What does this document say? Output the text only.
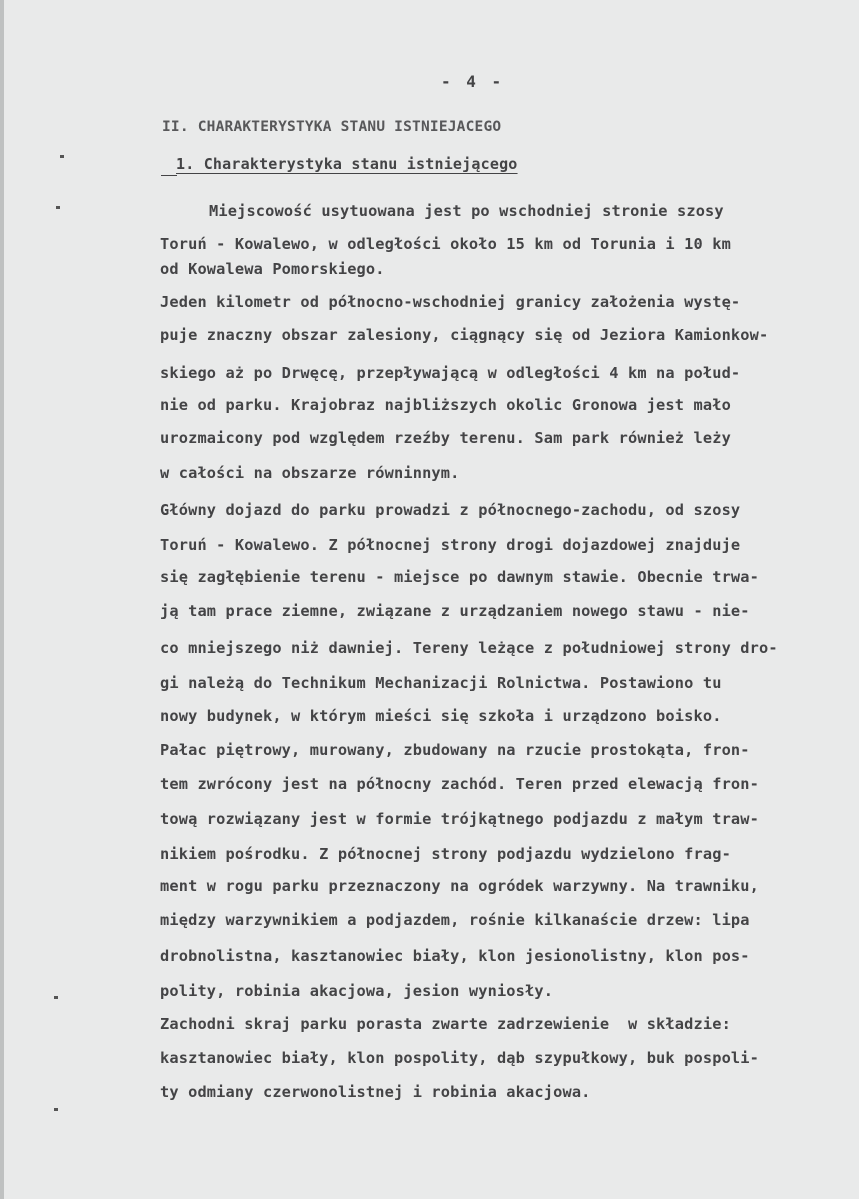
- 4 -
II. CHARAKTERYSTYKA STANU ISTNIEJACEGO
1. Charakterystyka stanu istniejącego
Miejscowość usytuowana jest po wschodniej stronie szosy
Toruń - Kowalewo, w odległości około 15 km od Torunia i 10 km
od Kowalewa Pomorskiego.
Jeden kilometr od północno-wschodniej granicy założenia wystę-
puje znaczny obszar zalesiony, ciągnący się od Jeziora Kamionkow-
skiego aż po Drwęcę, przepływającą w odległości 4 km na połud-
nie od parku. Krajobraz najbliższych okolic Gronowa jest mało
urozmaicony pod względem rzeźby terenu. Sam park również leży
w całości na obszarze równinnym.
Główny dojazd do parku prowadzi z północnego-zachodu, od szosy
Toruń - Kowalewo. Z północnej strony drogi dojazdowej znajduje
się zagłębienie terenu - miejsce po dawnym stawie. Obecnie trwa-
ją tam prace ziemne, związane z urządzaniem nowego stawu - nie-
co mniejszego niż dawniej. Tereny leżące z południowej strony dro-
gi należą do Technikum Mechanizacji Rolnictwa. Postawiono tu
nowy budynek, w którym mieści się szkoła i urządzono boisko.
Pałac piętrowy, murowany, zbudowany na rzucie prostokąta, fron-
tem zwrócony jest na północny zachód. Teren przed elewacją fron-
tową rozwiązany jest w formie trójkątnego podjazdu z małym traw-
nikiem pośrodku. Z północnej strony podjazdu wydzielono frag-
ment w rogu parku przeznaczony na ogródek warzywny. Na trawniku,
między warzywnikiem a podjazdem, rośnie kilkanaście drzew: lipa
drobnolistna, kasztanowiec biały, klon jesionolistny, klon pos-
polity, robinia akacjowa, jesion wyniosły.
Zachodni skraj parku porasta zwarte zadrzewienie  w składzie:
kasztanowiec biały, klon pospolity, dąb szypułkowy, buk pospoli-
ty odmiany czerwonolistnej i robinia akacjowa.
